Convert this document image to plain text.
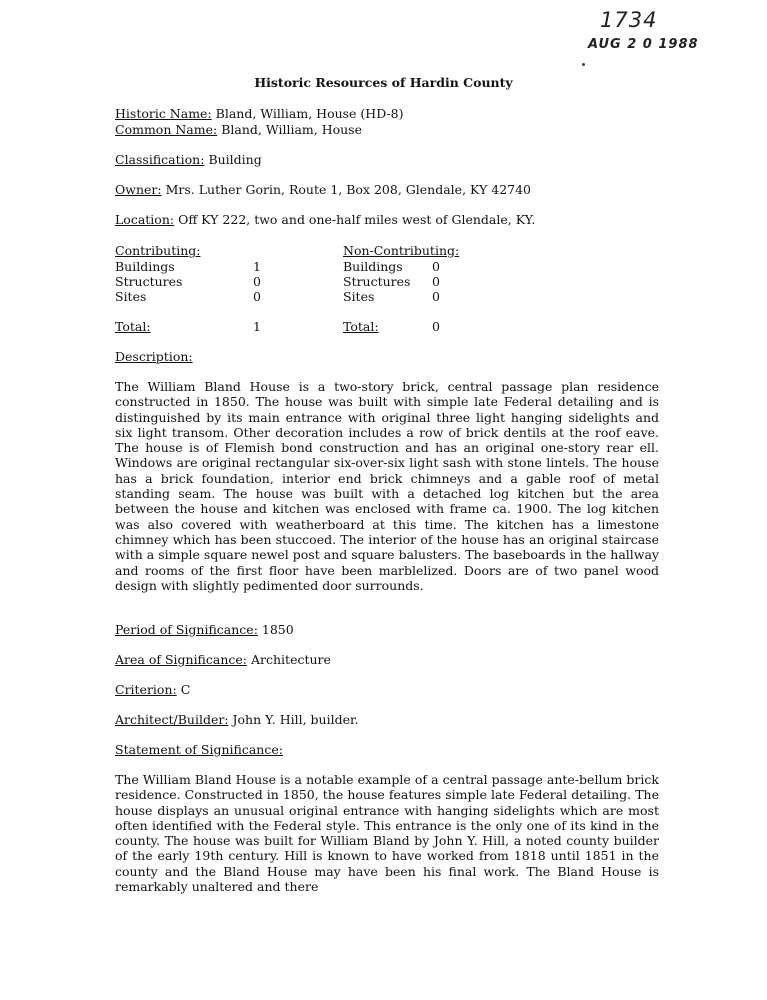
1734
AUG 2 0 1988
Historic Resources of Hardin County
Historic Name: Bland, William, House (HD-8)
Common Name: Bland, William, House
Classification: Building
Owner: Mrs. Luther Gorin, Route 1, Box 208, Glendale, KY 42740
Location: Off KY 222, two and one-half miles west of Glendale, KY.
Contributing:	Non-Contributing:
Buildings	1	Buildings 0
Structures	0	Structures 0
Sites	0	Sites	0
Total:	1	Total:	0
Description:

The William Bland House is a two-story brick, central passage plan residence constructed in 1850. The house was built with simple late Federal detailing and is distinguished by its main entrance with original three light hanging sidelights and six light transom. Other decoration includes a row of brick dentils at the roof eave. The house is of Flemish bond construction and has an original one-story rear ell. Windows are original rectangular six-over-six light sash with stone lintels. The house has a brick foundation, interior end brick chimneys and a gable roof of metal standing seam. The house was built with a detached log kitchen but the area between the house and kitchen was enclosed with frame ca. 1900. The log kitchen was also covered with weatherboard at this time. The kitchen has a limestone chimney which has been stuccoed. The interior of the house has an original staircase with a simple square newel post and square balusters. The baseboards in the hallway and rooms of the first floor have been marblelized. Doors are of two panel wood design with slightly pedimented door surrounds.

Period of Significance: 1850
Area of Significance: Architecture
Criterion: C
Architect/Builder: John Y. Hill, builder.
Statement of Significance:

The William Bland House is a notable example of a central passage ante-bellum brick residence. Constructed in 1850, the house features simple late Federal detailing. The house displays an unusual original entrance with hanging sidelights which are most often identified with the Federal style. This entrance is the only one of its kind in the county. The house was built for William Bland by John Y. Hill, a noted county builder of the early 19th century. Hill is known to have worked from 1818 until 1851 in the county and the Bland House may have been his final work. The Bland House is remarkably unaltered and there
